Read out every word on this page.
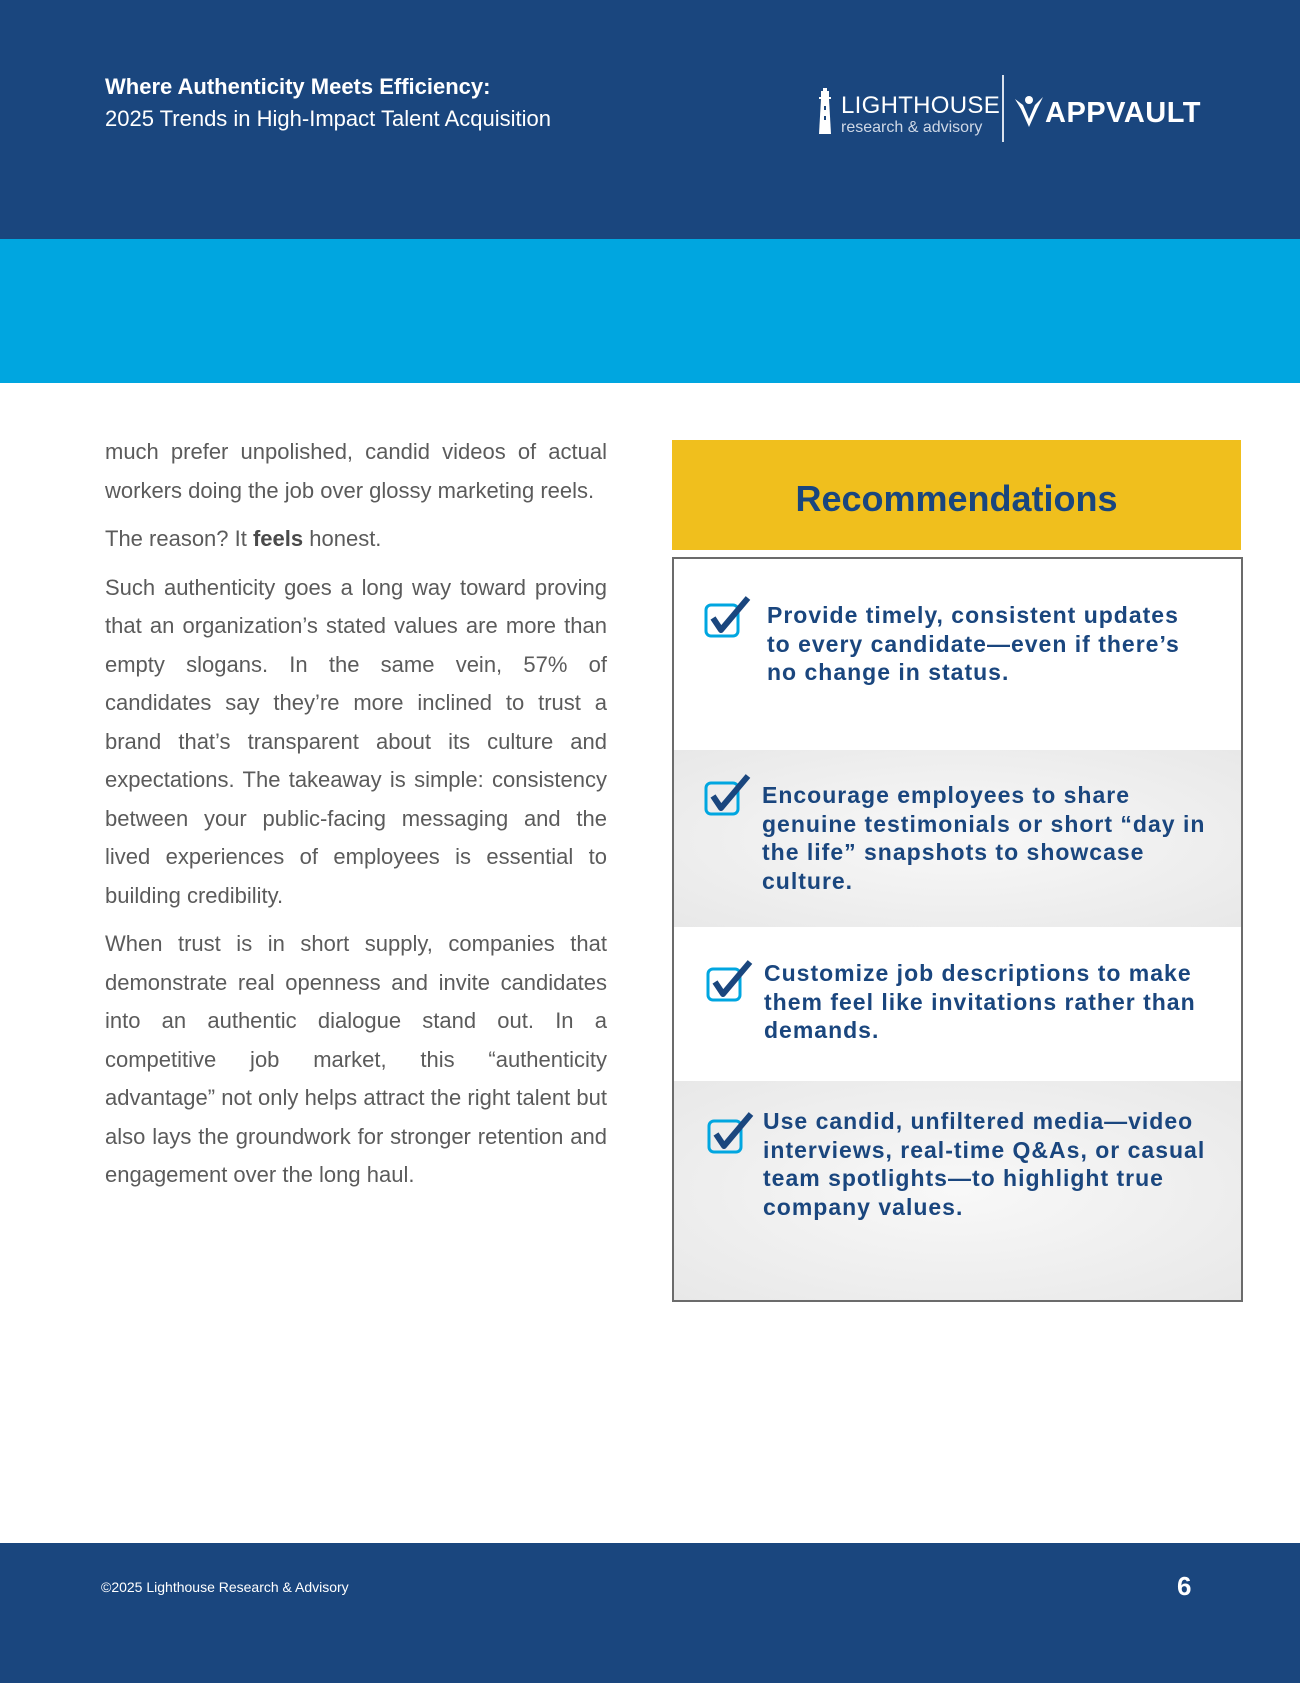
Where Authenticity Meets Efficiency:
2025 Trends in High-Impact Talent Acquisition	LIGHTHOUSE
research & advisory APPVAULT

much prefer unpolished, candid videos of actual workers doing the job over glossy marketing reels.

The reason? It feels honest.

Such authenticity goes a long way toward proving that an organization’s stated values are more than empty slogans. In the same vein, 57% of candidates say they’re more inclined to trust a brand that’s transparent about its culture and expectations. The takeaway is simple: consistency between your public-facing messaging and the lived experiences of employees is essential to building credibility.

When trust is in short supply, companies that demonstrate real openness and invite candidates into an authentic dialogue stand out. In a competitive job market, this “authenticity advantage” not only helps attract the right talent but also lays the groundwork for stronger retention and engagement over the long haul.

Recommendations
Provide timely, consistent updates to every candidate—even if there’s no change in status.
Encourage employees to share genuine testimonials or short “day in the life” snapshots to showcase culture.
Customize job descriptions to make them feel like invitations rather than demands.
Use candid, unfiltered media—video interviews, real-time Q&As, or casual team spotlights—to highlight true company values.
©2025 Lighthouse Research & Advisory	6
